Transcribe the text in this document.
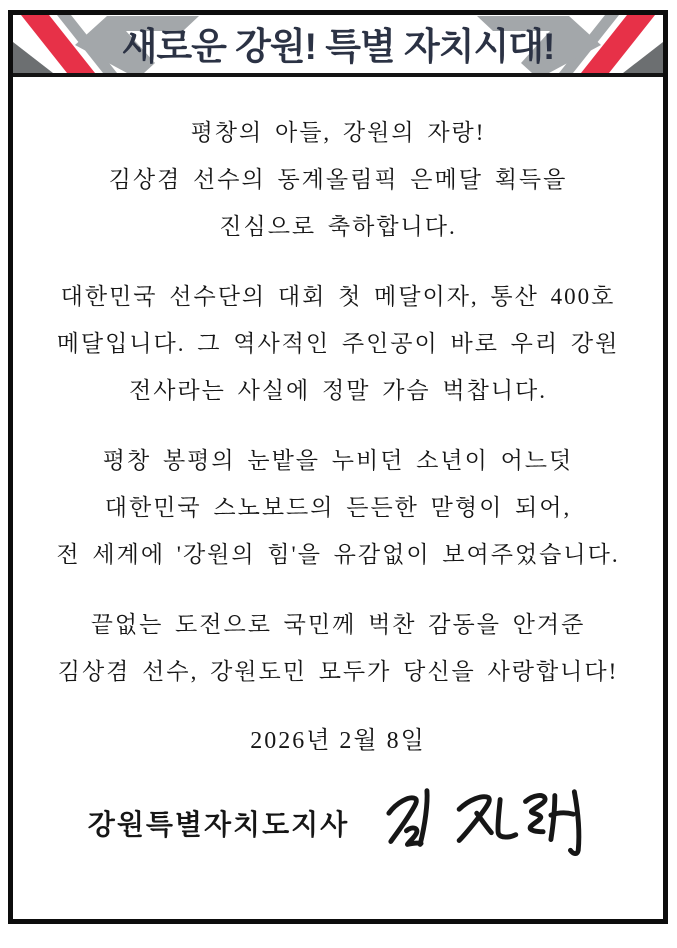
새로운 강원! 특별 자치시대!

평창의 아들, 강원의 자랑!
김상겸 선수의 동계올림픽 은메달 획득을
진심으로 축하합니다.

대한민국 선수단의 대회 첫 메달이자, 통산 400호
메달입니다. 그 역사적인 주인공이 바로 우리 강원
전사라는 사실에 정말 가슴 벅찹니다.

평창 봉평의 눈밭을 누비던 소년이 어느덧
대한민국 스노보드의 든든한 맏형이 되어,
전 세계에 '강원의 힘'을 유감없이 보여주었습니다.

끝없는 도전으로 국민께 벅찬 감동을 안겨준
김상겸 선수, 강원도민 모두가 당신을 사랑합니다!

2026년 2월 8일
강원특별자치도지사
